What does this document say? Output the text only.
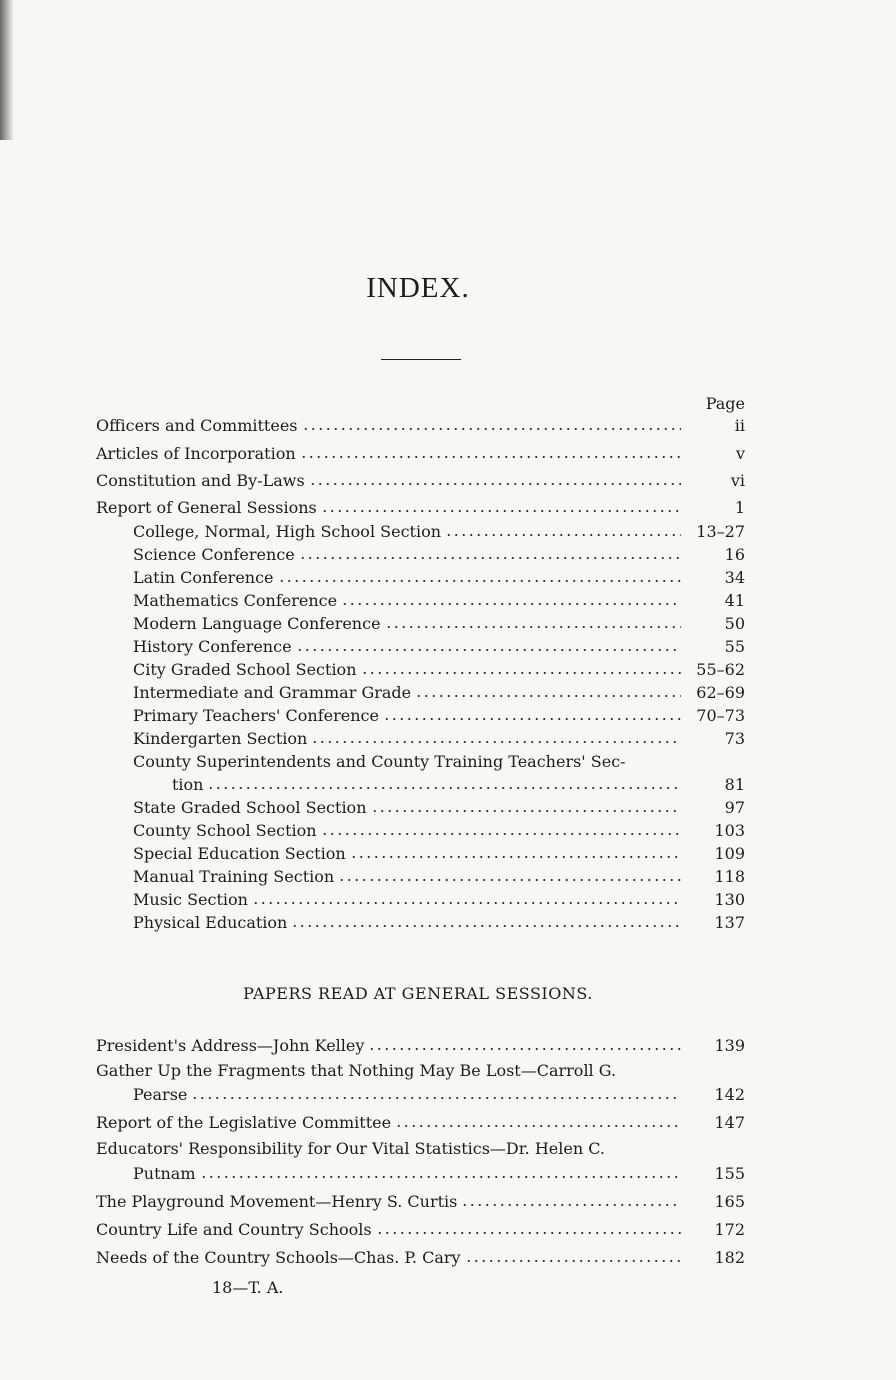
INDEX.
Page
Officers and Committees	ii
Articles of Incorporation	v
Constitution and By-Laws	vi
Report of General Sessions	1
College, Normal, High School Section	13–27
Science Conference	16
Latin Conference	34
Mathematics Conference	41
Modern Language Conference	50
History Conference	55
City Graded School Section	55–62
Intermediate and Grammar Grade	62–69
Primary Teachers' Conference	70–73
Kindergarten Section	73
County Superintendents and County Training Teachers' Sec-
tion	81
State Graded School Section	97
County School Section	103
Special Education Section	109
Manual Training Section	118
Music Section	130
Physical Education	137
PAPERS READ AT GENERAL SESSIONS.
President's Address—John Kelley	139
Gather Up the Fragments that Nothing May Be Lost—Carroll G.
Pearse	142
Report of the Legislative Committee	147
Educators' Responsibility for Our Vital Statistics—Dr. Helen C.
Putnam	155
The Playground Movement—Henry S. Curtis	165
Country Life and Country Schools	172
Needs of the Country Schools—Chas. P. Cary	182
18—T. A.
